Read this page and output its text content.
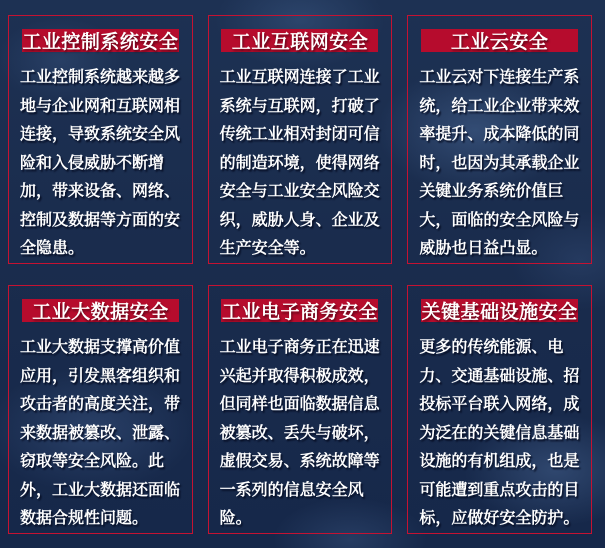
工业控制系统安全

工业控制系统越来越多地与企业网和互联网相连接，导致系统安全风险和入侵威胁不断增加，带来设备、网络、控制及数据等方面的安全隐患。

工业互联网安全

工业互联网连接了工业系统与互联网，打破了传统工业相对封闭可信的制造环境，使得网络安全与工业安全风险交织，威胁人身、企业及生产安全等。

工业云安全

工业云对下连接生产系统，给工业企业带来效率提升、成本降低的同时，也因为其承载企业关键业务系统价值巨大，面临的安全风险与威胁也日益凸显。

工业大数据安全

工业大数据支撑高价值应用，引发黑客组织和攻击者的高度关注，带来数据被篡改、泄露、窃取等安全风险。此外，工业大数据还面临数据合规性问题。

工业电子商务安全

工业电子商务正在迅速兴起并取得积极成效，但同样也面临数据信息被篡改、丢失与破坏，虚假交易、系统故障等一系列的信息安全风险。

关键基础设施安全

更多的传统能源、电力、交通基础设施、招投标平台联入网络，成为泛在的关键信息基础设施的有机组成，也是可能遭到重点攻击的目标，应做好安全防护。
